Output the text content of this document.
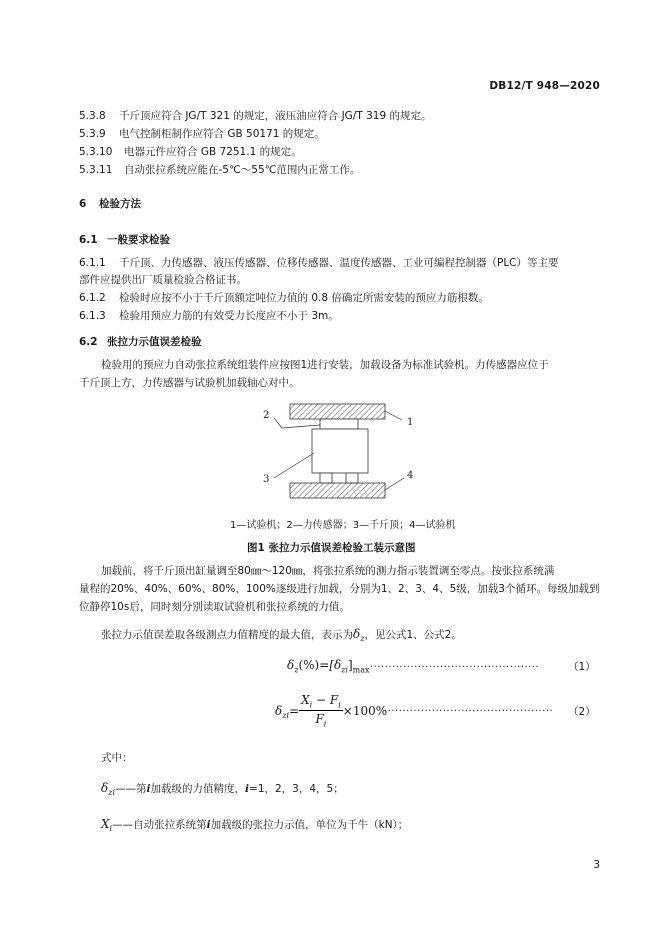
DB12/T 948—2020
5.3.8 千斤顶应符合 JG/T 321 的规定，液压油应符合 JG/T 319 的规定。
5.3.9 电气控制柜制作应符合 GB 50171 的规定。
5.3.10 电器元件应符合 GB 7251.1 的规定。
5.3.11 自动张拉系统应能在-5℃～55℃范围内正常工作。
6 检验方法
6.1 一般要求检验
6.1.1 千斤顶、力传感器、液压传感器、位移传感器、温度传感器、工业可编程控制器（PLC）等主要
部件应提供出厂质量检验合格证书。
6.1.2 检验时应按不小于千斤顶额定吨位力值的 0.8 倍确定所需安装的预应力筋根数。
6.1.3 检验用预应力筋的有效受力长度应不小于 3m。
6.2 张拉力示值误差检验
检验用的预应力自动张拉系统组装件应按图1进行安装，加载设备为标准试验机。力传感器应位于
千斤顶上方，力传感器与试验机加载轴心对中。
1
2
3	4
1—试验机；2—力传感器；3—千斤顶；4—试验机
图1 张拉力示值误差检验工装示意图
加载前，将千斤顶出缸量调至80㎜～120㎜，将张拉系统的测力指示装置调至零点。按张拉系统满
量程的20%、40%、60%、80%、100%逐级进行加载，分别为1、2、3、4、5级，加载3个循环。每级加载到
位静停10s后，同时刻分别读取试验机和张拉系统的力值。
张拉力示值误差取各级测点力值精度的最大值，表示为$\delta_z$，见公式1、公式2。
$\delta_z(\%)=[\delta_{zi}]_{max}$ ··············································	（1）
$\delta_{zi}= \frac{X_i - F_i}{F_i} \times 100\%$
·············································· （2）
式中：
$\delta_{zi}——$第i加载级的力值精度，i=1，2，3，4，5；
$X_i——$自动张拉系统第i加载级的张拉力示值，单位为千牛（kN）；
3
